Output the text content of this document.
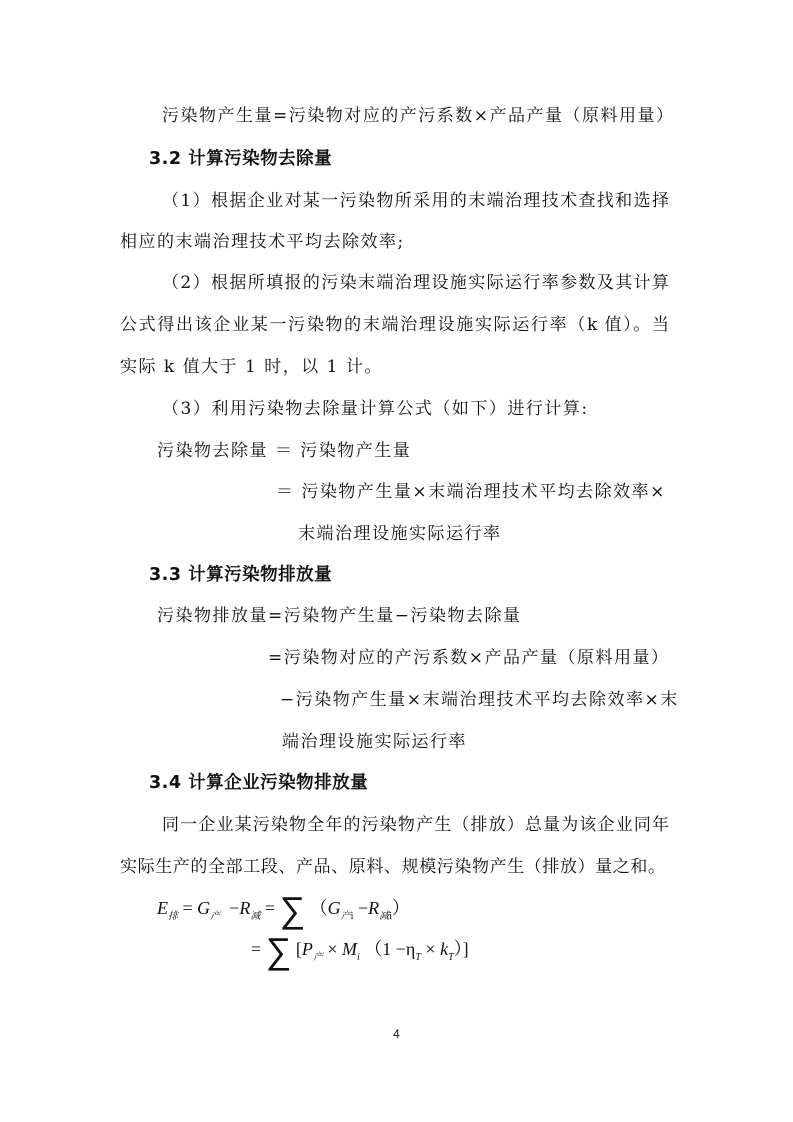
污染物产生量=污染物对应的产污系数×产品产量（原料用量）
3.2 计算污染物去除量
（1）根据企业对某一污染物所采用的末端治理技术查找和选择
相应的末端治理技术平均去除效率;
（2）根据所填报的污染末端治理设施实际运行率参数及其计算
公式得出该企业某一污染物的末端治理设施实际运行率（k 值）。当
实际 k 值大于 1 时，以 1 计。
（3）利用污染物去除量计算公式（如下）进行计算:
污染物去除量 ＝ 污染物产生量
＝ 污染物产生量×末端治理技术平均去除效率×
末端治理设施实际运行率
3.3 计算污染物排放量
污染物排放量=污染物产生量−污染物去除量
=污染物对应的产污系数×产品产量（原料用量）
−污染物产生量×末端治理技术平均去除效率×末
端治理设施实际运行率
3.4 计算企业污染物排放量
同一企业某污染物全年的污染物产生（排放）总量为该企业同年
实际生产的全部工段、产品、原料、规模污染物产生（排放）量之和。
$E_排 = G_产 -R_减$ = ∑ $(G_{产i} -R_{减i})$
= ∑ [$P_产 \times M_i$ $(1 -\eta_T \times k_T)$]
4
